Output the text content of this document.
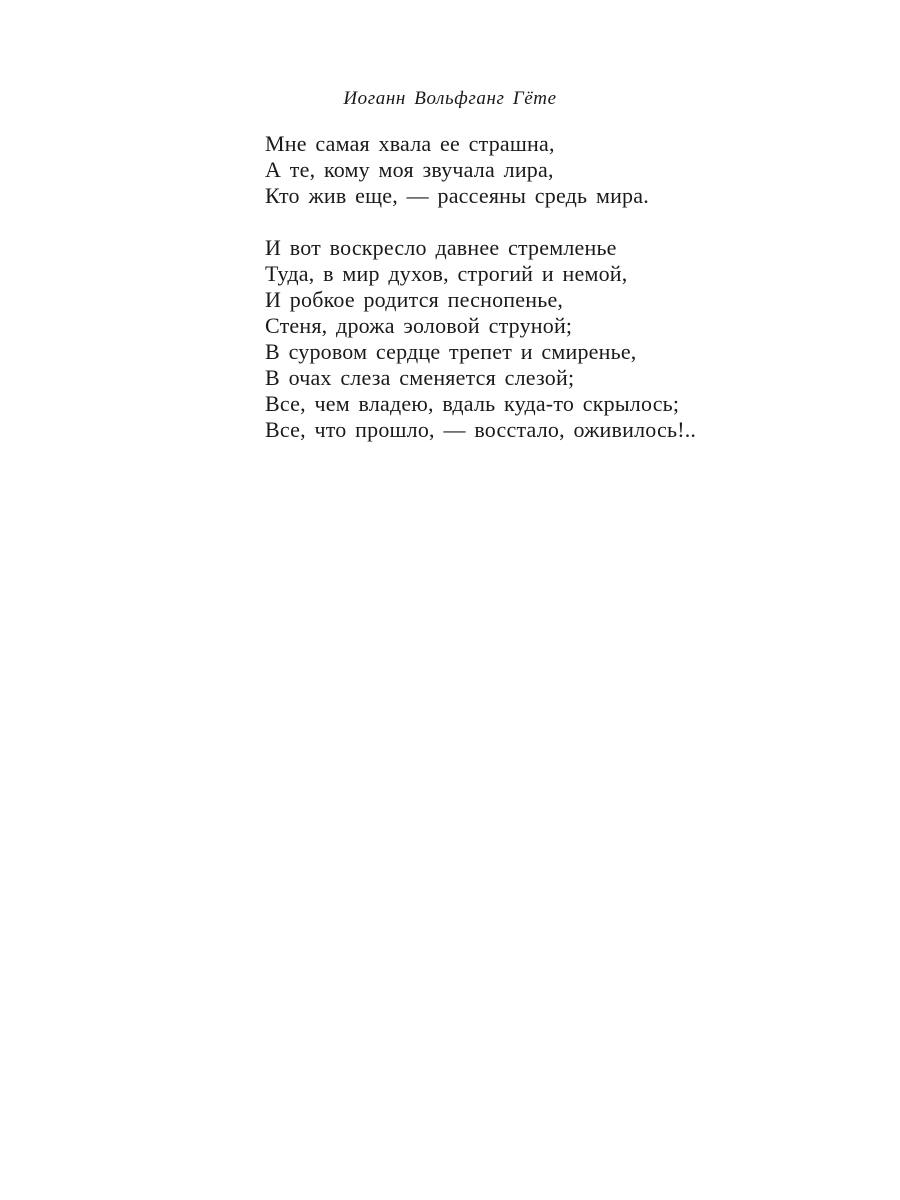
Иоганн Вольфганг Гёте
Мне самая хвала ее страшна,
А те, кому моя звучала лира,
Кто жив еще, — рассеяны средь мира.
И вот воскресло давнее стремленье
Туда, в мир духов, строгий и немой,
И робкое родится песнопенье,
Стеня, дрожа эоловой струной;
В суровом сердце трепет и смиренье,
В очах слеза сменяется слезой;
Все, чем владею, вдаль куда-то скрылось;
Все, что прошло, — восстало, оживилось!..
